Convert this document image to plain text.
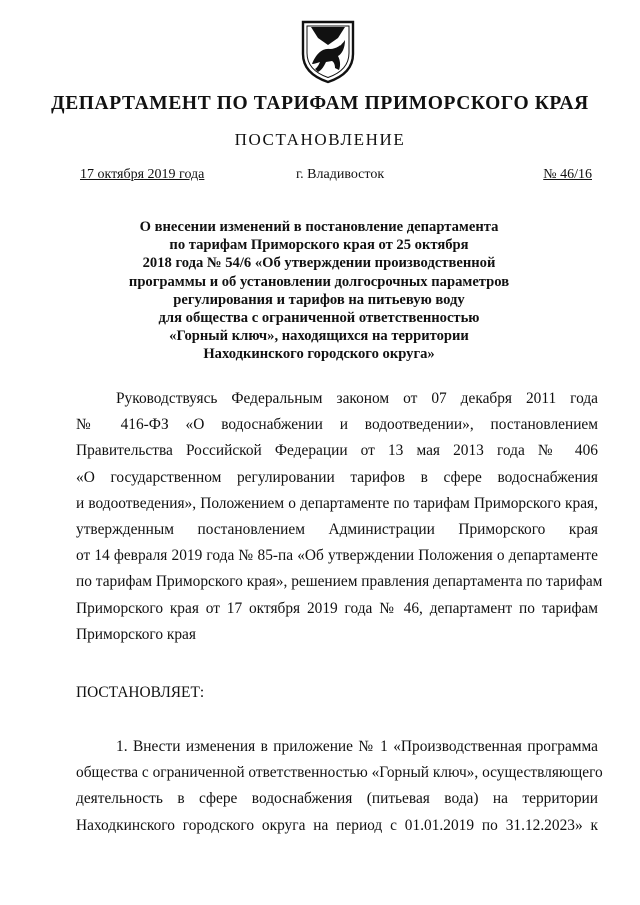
ДЕПАРТАМЕНТ ПО ТАРИФАМ ПРИМОРСКОГО КРАЯ
ПОСТАНОВЛЕНИЕ
17 октября 2019 года	г. Владивосток	№ 46/16
О внесении изменений в постановление департамента
по тарифам Приморского края от 25 октября
2018 года № 54/6 «Об утверждении производственной
программы и об установлении долгосрочных параметров
регулирования и тарифов на питьевую воду
для общества с ограниченной ответственностью
«Горный ключ», находящихся на территории
Находкинского городского округа»
Руководствуясь Федеральным законом от 07 декабря 2011 года
№ 416-ФЗ «О водоснабжении и водоотведении», постановлением
Правительства Российской Федерации от 13 мая 2013 года № 406
«О государственном регулировании тарифов в сфере водоснабжения
и водоотведения», Положением о департаменте по тарифам Приморского края,
утвержденным постановлением Администрации Приморского края
от 14 февраля 2019 года № 85-па «Об утверждении Положения о департаменте
по тарифам Приморского края», решением правления департамента по тарифам
Приморского края от 17 октября 2019 года № 46, департамент по тарифам
Приморского края
ПОСТАНОВЛЯЕТ:
1. Внести изменения в приложение № 1 «Производственная программа
общества с ограниченной ответственностью «Горный ключ», осуществляющего
деятельность в сфере водоснабжения (питьевая вода) на территории
Находкинского городского округа на период с 01.01.2019 по 31.12.2023» к
